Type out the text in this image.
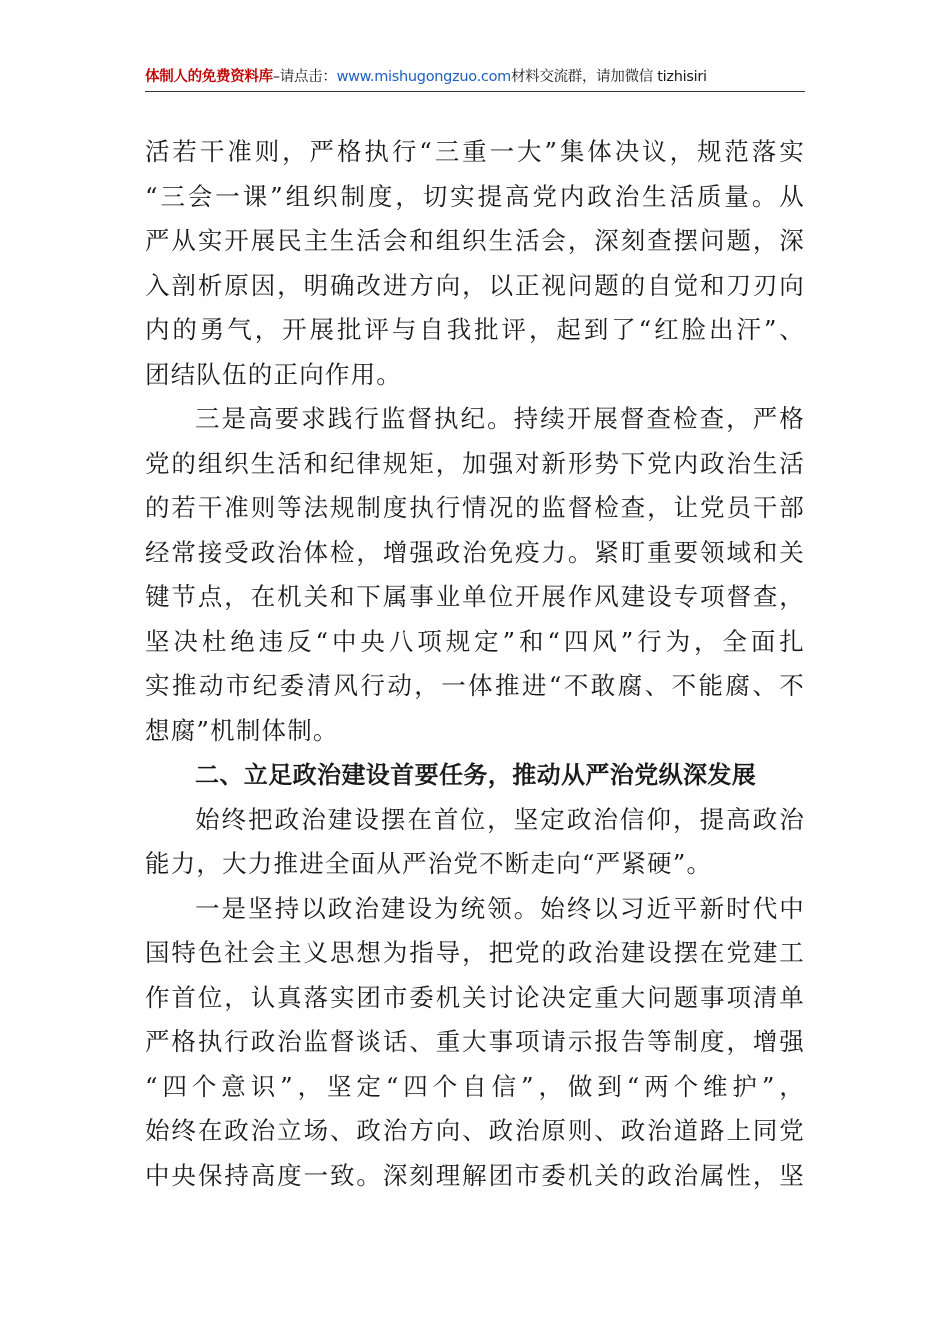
体制人的免费资料库–请点击：www.mishugongzuo.com材料交流群，请加微信 tizhisiri
活若干准则，严格执行“三重一大”集体决议，规范落实
“三会一课”组织制度，切实提高党内政治生活质量。从
严从实开展民主生活会和组织生活会，深刻查摆问题，深
入剖析原因，明确改进方向，以正视问题的自觉和刀刃向
内的勇气，开展批评与自我批评，起到了“红脸出汗”、
团结队伍的正向作用。
三是高要求践行监督执纪。持续开展督查检查，严格
党的组织生活和纪律规矩，加强对新形势下党内政治生活
的若干准则等法规制度执行情况的监督检查，让党员干部
经常接受政治体检，增强政治免疫力。紧盯重要领域和关
键节点，在机关和下属事业单位开展作风建设专项督查，
坚决杜绝违反“中央八项规定”和“四风”行为，全面扎
实推动市纪委清风行动，一体推进“不敢腐、不能腐、不
想腐”机制体制。
二、立足政治建设首要任务，推动从严治党纵深发展
始终把政治建设摆在首位，坚定政治信仰，提高政治
能力，大力推进全面从严治党不断走向“严紧硬”。
一是坚持以政治建设为统领。始终以习近平新时代中
国特色社会主义思想为指导，把党的政治建设摆在党建工
作首位，认真落实团市委机关讨论决定重大问题事项清单
严格执行政治监督谈话、重大事项请示报告等制度，增强
“四个意识”，坚定“四个自信”，做到“两个维护”，
始终在政治立场、政治方向、政治原则、政治道路上同党
中央保持高度一致。深刻理解团市委机关的政治属性，坚
